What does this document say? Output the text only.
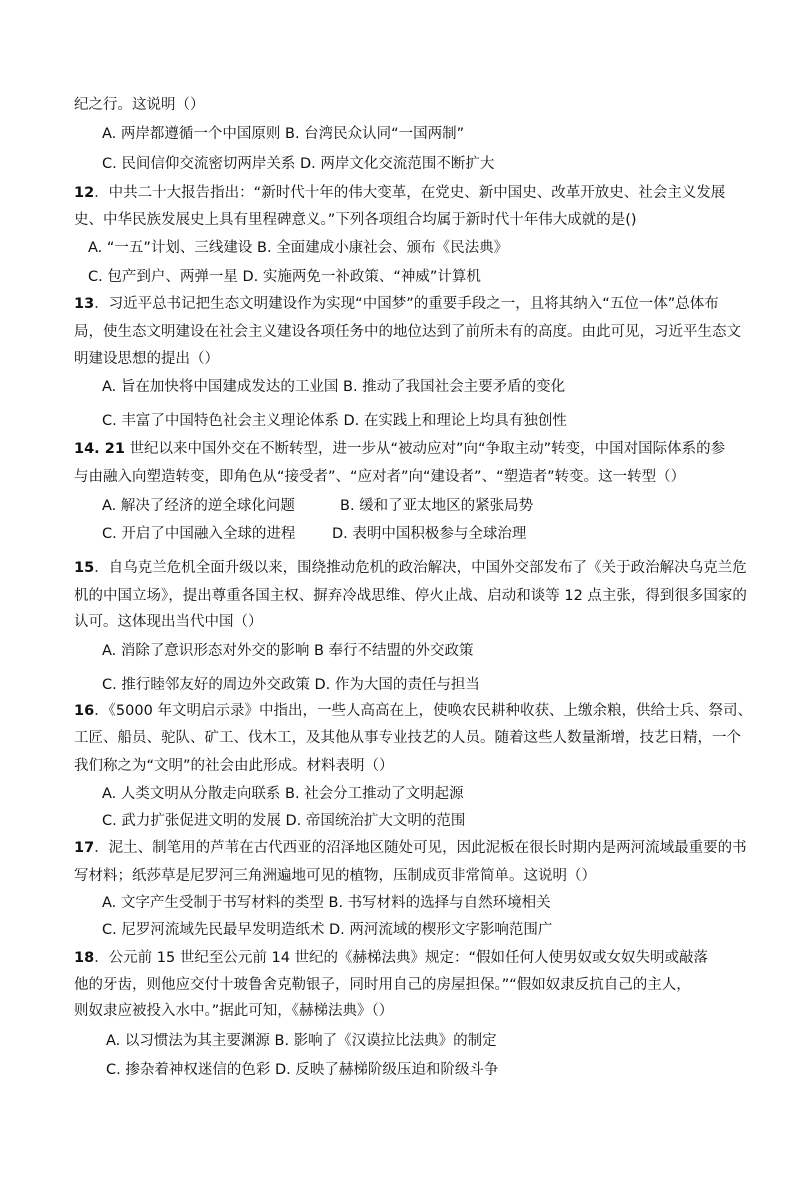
纪之行。这说明（）
A. 两岸都遵循一个中国原则 B. 台湾民众认同“一国两制”
C. 民间信仰交流密切两岸关系 D. 两岸文化交流范围不断扩大
12．中共二十大报告指出：“新时代十年的伟大变革，在党史、新中国史、改革开放史、社会主义发展
史、中华民族发展史上具有里程碑意义。”下列各项组合均属于新时代十年伟大成就的是()
A. “一五”计划、三线建设 B. 全面建成小康社会、颁布《民法典》
C. 包产到户、两弹一星 D. 实施两免一补政策、“神威”计算机
13．习近平总书记把生态文明建设作为实现“中国梦”的重要手段之一，且将其纳入“五位一体”总体布
局，使生态文明建设在社会主义建设各项任务中的地位达到了前所未有的高度。由此可见，习近平生态文
明建设思想的提出（）
A. 旨在加快将中国建成发达的工业国 B. 推动了我国社会主要矛盾的变化
C. 丰富了中国特色社会主义理论体系 D. 在实践上和理论上均具有独创性
14. 21 世纪以来中国外交在不断转型，进一步从“被动应对”向“争取主动”转变，中国对国际体系的参
与由融入向塑造转变，即角色从“接受者”、“应对者”向“建设者”、“塑造者”转变。这一转型（）
A. 解决了经济的逆全球化问题	B. 缓和了亚太地区的紧张局势
C. 开启了中国融入全球的进程	D. 表明中国积极参与全球治理
15．自乌克兰危机全面升级以来，围绕推动危机的政治解决，中国外交部发布了《关于政治解决乌克兰危
机的中国立场》，提出尊重各国主权、摒弃冷战思维、停火止战、启动和谈等 12 点主张，得到很多国家的
认可。这体现出当代中国（）
A. 消除了意识形态对外交的影响 B 奉行不结盟的外交政策
C. 推行睦邻友好的周边外交政策 D. 作为大国的责任与担当
16．《5000 年文明启示录》中指出，一些人高高在上，使唤农民耕种收获、上缴余粮，供给士兵、祭司、
工匠、船员、驼队、矿工、伐木工，及其他从事专业技艺的人员。随着这些人数量渐增，技艺日精，一个
我们称之为“文明”的社会由此形成。材料表明（）
A. 人类文明从分散走向联系 B. 社会分工推动了文明起源
C. 武力扩张促进文明的发展 D. 帝国统治扩大文明的范围
17．泥土、制笔用的芦苇在古代西亚的沼泽地区随处可见，因此泥板在很长时期内是两河流域最重要的书
写材料；纸莎草是尼罗河三角洲遍地可见的植物，压制成页非常简单。这说明（）
A. 文字产生受制于书写材料的类型 B. 书写材料的选择与自然环境相关
C. 尼罗河流域先民最早发明造纸术 D. 两河流域的楔形文字影响范围广
18．公元前 15 世纪至公元前 14 世纪的《赫梯法典》规定：“假如任何人使男奴或女奴失明或敲落
他的牙齿，则他应交付十玻鲁舍克勒银子，同时用自己的房屋担保。”“假如奴隶反抗自己的主人，
则奴隶应被投入水中。”据此可知，《赫梯法典》（）
A. 以习惯法为其主要渊源 B. 影响了《汉谟拉比法典》的制定
C. 掺杂着神权迷信的色彩 D. 反映了赫梯阶级压迫和阶级斗争
